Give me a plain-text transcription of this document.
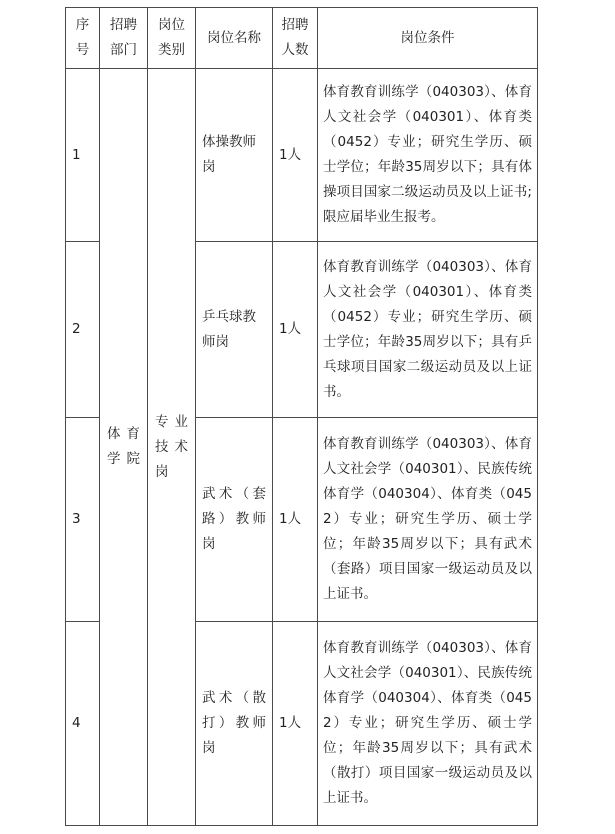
序号	招聘部门	岗位类别	岗位名称	招聘人数	岗位条件
1	体育学院	专业技术岗	体操教师岗	1人	体育教育训练学（040303）、体育人文社会学（040301）、体育类（0452）专业；研究生学历、硕士学位；年龄35周岁以下；具有体操项目国家二级运动员及以上证书;限应届毕业生报考。
2			乒乓球教师岗	1人	体育教育训练学（040303）、体育人文社会学（040301）、体育类（0452）专业；研究生学历、硕士学位；年龄35周岁以下；具有乒乓球项目国家二级运动员及以上证书。
3			武术（套路）教师岗	1人	体育教育训练学（040303）、体育人文社会学（040301）、民族传统体育学（040304）、体育类（0452）专业；研究生学历、硕士学位；年龄35周岁以下；具有武术（套路）项目国家一级运动员及以上证书。
4			武术（散打）教师岗	1人	体育教育训练学（040303）、体育人文社会学（040301）、民族传统体育学（040304）、体育类（0452）专业；研究生学历、硕士学位；年龄35周岁以下；具有武术（散打）项目国家一级运动员及以上证书。
